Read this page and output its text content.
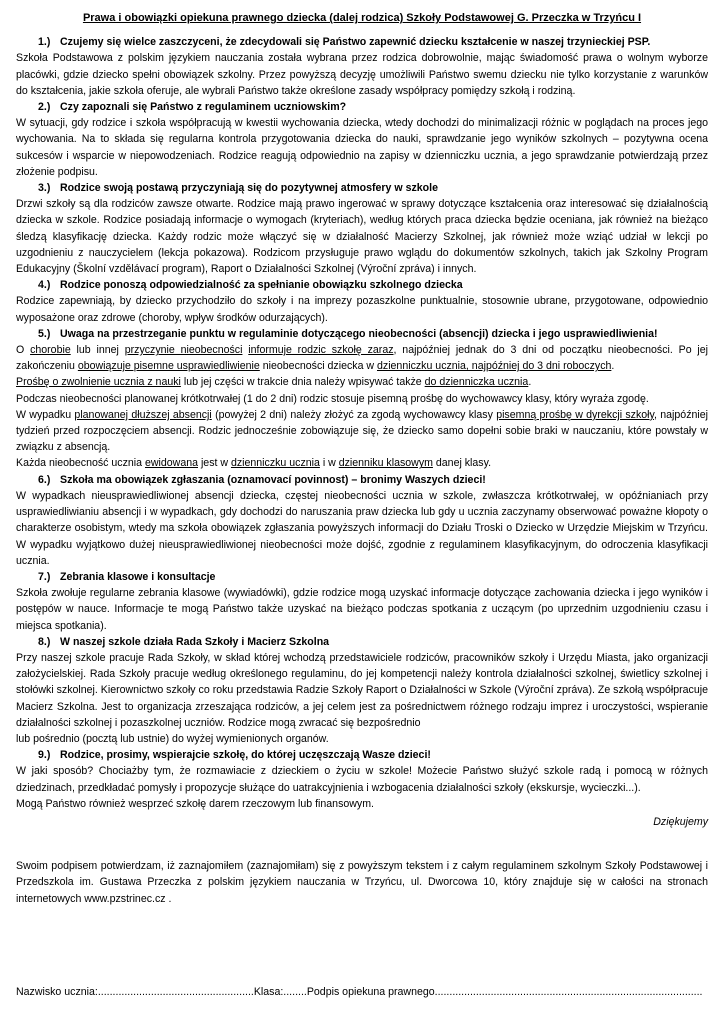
Prawa i obowiązki opiekuna prawnego dziecka (dalej rodzica) Szkoły Podstawowej G. Przeczka w Trzyńcu I
1.) Czujemy się wielce zaszczyceni, że zdecydowali się Państwo zapewnić dziecku kształcenie w naszej trzynieckiej PSP.
Szkoła Podstawowa z polskim językiem nauczania została wybrana przez rodzica dobrowolnie, mając świadomość prawa o wolnym wyborze placówki, gdzie dziecko spełni obowiązek szkolny. Przez powyższą decyzję umożliwili Państwo swemu dziecku nie tylko korzystanie z warunków do kształcenia, jakie szkoła oferuje, ale wybrali Państwo także określone zasady współpracy pomiędzy szkołą i rodziną.
2.) Czy zapoznali się Państwo z regulaminem uczniowskim?
W sytuacji, gdy rodzice i szkoła współpracują w kwestii wychowania dziecka, wtedy dochodzi do minimalizacji różnic w poglądach na proces jego wychowania. Na to składa się regularna kontrola przygotowania dziecka do nauki, sprawdzanie jego wyników szkolnych – pozytywna ocena sukcesów i wsparcie w niepowodzeniach. Rodzice reagują odpowiednio na zapisy w dzienniczku ucznia, a jego sprawdzanie potwierdzają przez złożenie podpisu.
3.) Rodzice swoją postawą przyczyniają się do pozytywnej atmosfery w szkole
Drzwi szkoły są dla rodziców zawsze otwarte. Rodzice mają prawo ingerować w sprawy dotyczące kształcenia oraz interesować się działalnością dziecka w szkole. Rodzice posiadają informacje o wymogach (kryteriach), według których praca dziecka będzie oceniana, jak również na bieżąco śledzą klasyfikację dziecka. Każdy rodzic może włączyć się w działalność Macierzy Szkolnej, jak również może wziąć udział w lekcji po uzgodnieniu z nauczycielem (lekcja pokazowa). Rodzicom przysługuje prawo wglądu do dokumentów szkolnych, takich jak Szkolny Program Edukacyjny (Školní vzdělávací program), Raport o Działalności Szkolnej (Výroční zpráva) i innych.
4.) Rodzice ponoszą odpowiedzialność za spełnianie obowiązku szkolnego dziecka
Rodzice zapewniają, by dziecko przychodziło do szkoły i na imprezy pozaszkolne punktualnie, stosownie ubrane, przygotowane, odpowiednio wyposażone oraz zdrowe (choroby, wpływ środków odurzających).
5.) Uwaga na przestrzeganie punktu w regulaminie dotyczącego nieobecności (absencji) dziecka i jego usprawiedliwienia!
O chorobie lub innej przyczynie nieobecności informuje rodzic szkołę zaraz, najpóźniej jednak do 3 dni od początku nieobecności. Po jej zakończeniu obowiązuje pisemne usprawiedliwienie nieobecności dziecka w dzienniczku ucznia, najpóźniej do 3 dni roboczych.
Prośbę o zwolnienie ucznia z nauki lub jej części w trakcie dnia należy wpisywać także do dzienniczka ucznia.
Podczas nieobecności planowanej krótkotrwałej (1 do 2 dni) rodzic stosuje pisemną prośbę do wychowawcy klasy, który wyraża zgodę.
W wypadku planowanej dłuższej absencji (powyżej 2 dni) należy złożyć za zgodą wychowawcy klasy pisemną prośbę w dyrekcji szkoły, najpóźniej tydzień przed rozpoczęciem absencji. Rodzic jednocześnie zobowiązuje się, że dziecko samo dopełni sobie braki w nauczaniu, które powstały w związku z absencją.
Każda nieobecność ucznia ewidowana jest w dzienniczku ucznia i w dzienniku klasowym danej klasy.
6.) Szkoła ma obowiązek zgłaszania (oznamovací povinnost) – bronimy Waszych dzieci!
W wypadkach nieusprawiedliwionej absencji dziecka, częstej nieobecności ucznia w szkole, zwłaszcza krótkotrwałej, w opóźnianiach przy usprawiedliwianiu absencji i w wypadkach, gdy dochodzi do naruszania praw dziecka lub gdy u ucznia zaczynamy obserwować poważne kłopoty o charakterze osobistym, wtedy ma szkoła obowiązek zgłaszania powyższych informacji do Działu Troski o Dziecko w Urzędzie Miejskim w Trzyńcu. W wypadku wyjątkowo dużej nieusprawiedliwionej nieobecności może dojść, zgodnie z regulaminem klasyfikacyjnym, do odroczenia klasyfikacji ucznia.
7.) Zebrania klasowe i konsultacje
Szkoła zwołuje regularne zebrania klasowe (wywiadówki), gdzie rodzice mogą uzyskać informacje dotyczące zachowania dziecka i jego wyników i postępów w nauce. Informacje te mogą Państwo także uzyskać na bieżąco podczas spotkania z uczącym (po uprzednim uzgodnieniu czasu i miejsca spotkania).
8.) W naszej szkole działa Rada Szkoły i Macierz Szkolna
Przy naszej szkole pracuje Rada Szkoły, w skład której wchodzą przedstawiciele rodziców, pracowników szkoły i Urzędu Miasta, jako organizacji założycielskiej. Rada Szkoły pracuje według określonego regulaminu, do jej kompetencji należy kontrola działalności szkolnej, świetlicy szkolnej i stołówki szkolnej. Kierownictwo szkoły co roku przedstawia Radzie Szkoły Raport o Działalności w Szkole (Výroční zpráva). Ze szkołą współpracuje Macierz Szkolna. Jest to organizacja zrzeszająca rodziców, a jej celem jest za pośrednictwem różnego rodzaju imprez i uroczystości, wspieranie działalności szkolnej i pozaszkolnej uczniów. Rodzice mogą zwracać się bezpośrednio
lub pośrednio (pocztą lub ustnie) do wyżej wymienionych organów.
9.) Rodzice, prosimy, wspierajcie szkołę, do której uczęszczają Wasze dzieci!
W jaki sposób? Chociażby tym, że rozmawiacie z dzieckiem o życiu w szkole! Możecie Państwo służyć szkole radą i pomocą w różnych dziedzinach, przedkładać pomysły i propozycje służące do uatrakcyjnienia i wzbogacenia działalności szkoły (ekskursje, wycieczki...).
Mogą Państwo również wesprzeć szkołę darem rzeczowym lub finansowym.
Dziękujemy
Swoim podpisem potwierdzam, iż zaznajomiłem (zaznajomiłam) się z powyższym tekstem i z całym regulaminem szkolnym Szkoły Podstawowej i Przedszkola im. Gustawa Przeczka z polskim językiem nauczania w Trzyńcu, ul. Dworcowa 10, który znajduje się w całości na stronach internetowych www.pzstrinec.cz .
Nazwisko ucznia:.....................................................Klasa:........Podpis opiekuna prawnego...........................................................................................
